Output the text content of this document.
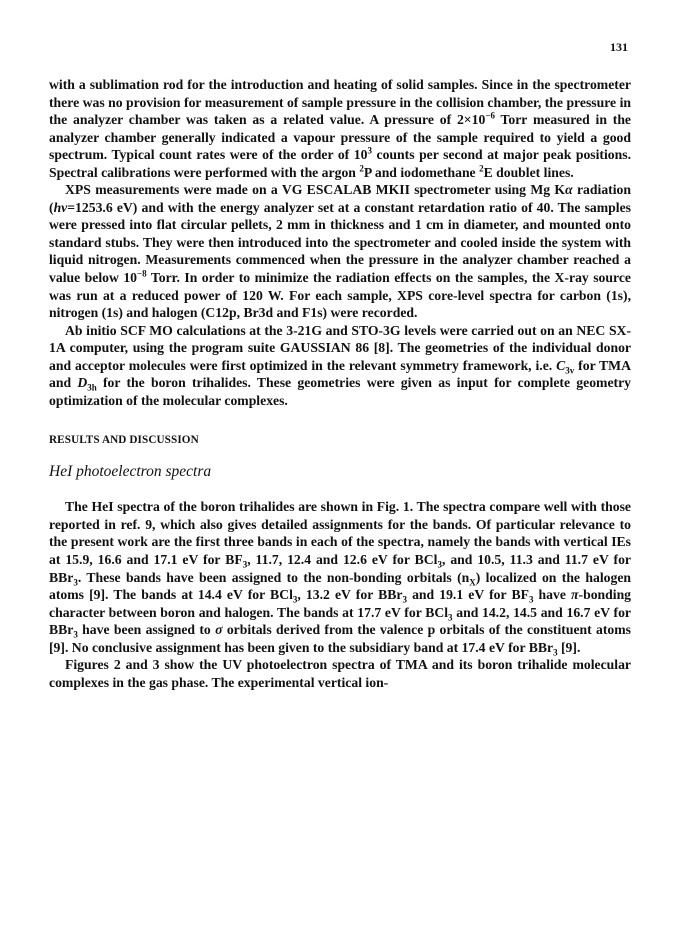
131

with a sublimation rod for the introduction and heating of solid samples. Since in the spectrometer there was no provision for measurement of sample pressure in the collision chamber, the pressure in the analyzer chamber was taken as a related value. A pressure of $2\times 10^{-6}$ Torr measured in the analyzer chamber generally indicated a vapour pressure of the sample required to yield a good spectrum. Typical count rates were of the order of $10^3$ counts per second at major peak positions. Spectral calibrations were performed with the argon $^2$P and iodomethane $^2$E doublet lines.

XPS measurements were made on a VG ESCALAB MKII spectrometer using Mg Kα radiation (hν=1253.6 eV) and with the energy analyzer set at a constant retardation ratio of 40. The samples were pressed into flat circular pellets, 2 mm in thickness and 1 cm in diameter, and mounted onto standard stubs. They were then introduced into the spectrometer and cooled inside the system with liquid nitrogen. Measurements commenced when the pressure in the analyzer chamber reached a value below $10^{-8}$ Torr. In order to minimize the radiation effects on the samples, the X-ray source was run at a reduced power of 120 W. For each sample, XPS core-level spectra for carbon (1s), nitrogen (1s) and halogen (C12p, Br3d and F1s) were recorded.

Ab initio SCF MO calculations at the 3-21G and STO-3G levels were carried out on an NEC SX-1A computer, using the program suite GAUSSIAN 86 [8]. The geometries of the individual donor and acceptor molecules were first optimized in the relevant symmetry framework, i.e. $C_{3v}$ for TMA and $D_{3h}$ for the boron trihalides. These geometries were given as input for complete geometry optimization of the molecular complexes.

RESULTS AND DISCUSSION
HeI photoelectron spectra

The HeI spectra of the boron trihalides are shown in Fig. 1. The spectra compare well with those reported in ref. 9, which also gives detailed assignments for the bands. Of particular relevance to the present work are the first three bands in each of the spectra, namely the bands with vertical IEs at 15.9, 16.6 and 17.1 eV for $BF_3$, 11.7, 12.4 and 12.6 eV for BCl$_3$, and 10.5, 11.3 and 11.7 eV for BBr$_3$. These bands have been assigned to the non-bonding orbitals $(n_X)$ localized on the halogen atoms [9]. The bands at 14.4 eV for BCl$_3$, 13.2 eV for BBr$_3$ and 19.1 eV for $BF_3$ have π-bonding character between boron and halogen. The bands at 17.7 eV for BCl$_3$ and 14.2, 14.5 and 16.7 eV for BBr$_3$ have been assigned to σ orbitals derived from the valence p orbitals of the constituent atoms [9]. No conclusive assignment has been given to the subsidiary band at 17.4 eV for BBr$_3$ [9].

Figures 2 and 3 show the UV photoelectron spectra of TMA and its boron trihalide molecular complexes in the gas phase. The experimental vertical ion-
